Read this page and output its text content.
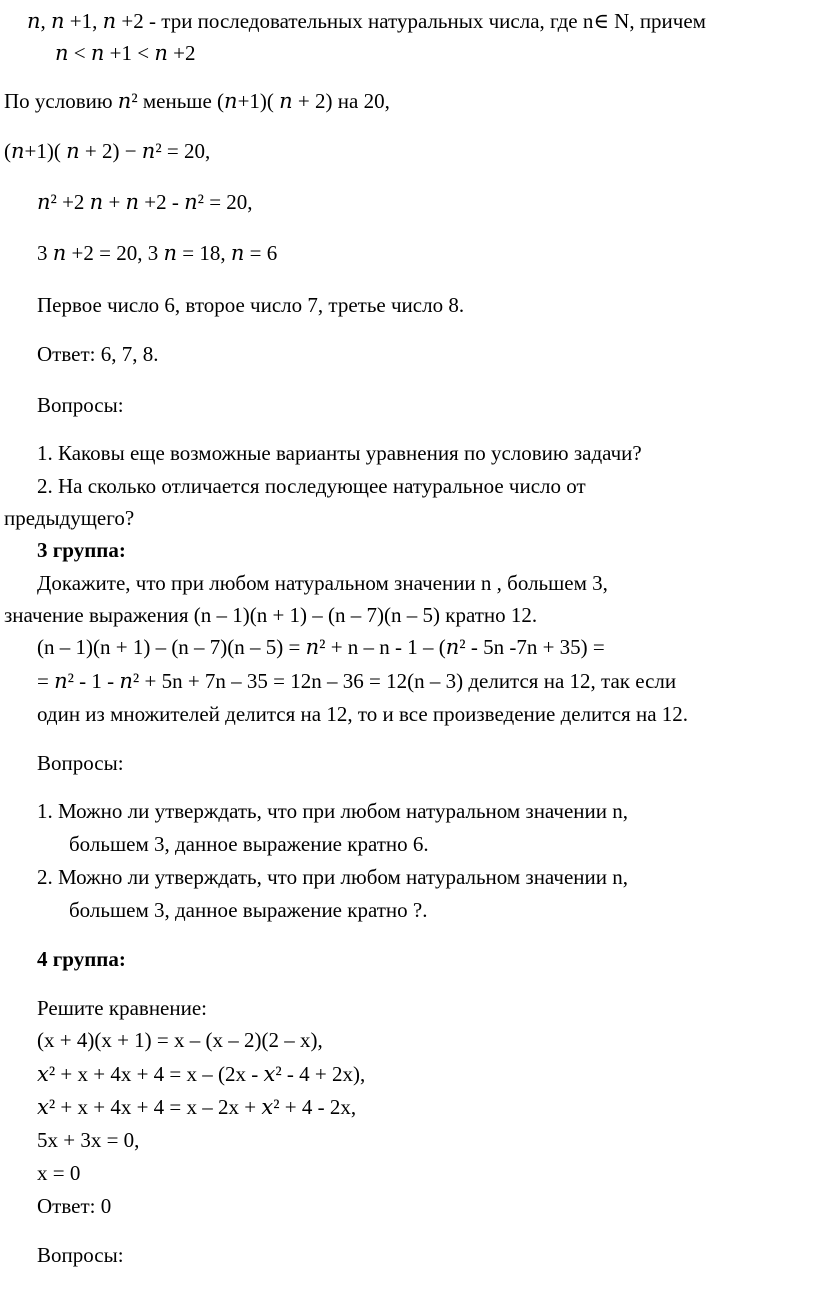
𝑛, 𝑛 +1, 𝑛 +2 - три последовательных натуральных числа, где n∈ N, причем
𝑛 < 𝑛 +1 < 𝑛 +2
По условию 𝑛² меньше (𝑛+1)( 𝑛 + 2) на 20,
(𝑛+1)( 𝑛 + 2) − 𝑛² = 20,
𝑛² +2 𝑛 + 𝑛 +2 - 𝑛² = 20,
3 𝑛 +2 = 20, 3 𝑛 = 18, 𝑛 = 6
Первое число 6, второе число 7, третье число 8.
Ответ: 6, 7, 8.
Вопросы:
1. Каковы еще возможные варианты уравнения по условию задачи?
2. На сколько отличается последующее натуральное число от
предыдущего?
3 группа:
Докажите, что при любом натуральном значении n , большем 3,
значение выражения (n – 1)(n + 1) – (n – 7)(n – 5) кратно 12.
(n – 1)(n + 1) – (n – 7)(n – 5) = 𝑛² + n – n - 1 – (𝑛² - 5n -7n + 35) =
= 𝑛² - 1 - 𝑛² + 5n + 7n – 35 = 12n – 36 = 12(n – 3) делится на 12, так если
один из множителей делится на 12, то и все произведение делится на 12.
Вопросы:
1. Можно ли утверждать, что при любом натуральном значении n,
большем 3, данное выражение кратно 6.
2. Можно ли утверждать, что при любом натуральном значении n,
большем 3, данное выражение кратно ?.
4 группа:
Решите кравнение:
(x + 4)(x + 1) = x – (x – 2)(2 – x),
𝑥² + x + 4x + 4 = x – (2x - 𝑥² - 4 + 2x),
𝑥² + x + 4x + 4 = x – 2x + 𝑥² + 4 - 2x,
5x + 3x = 0,
x = 0
Ответ: 0
Вопросы:
